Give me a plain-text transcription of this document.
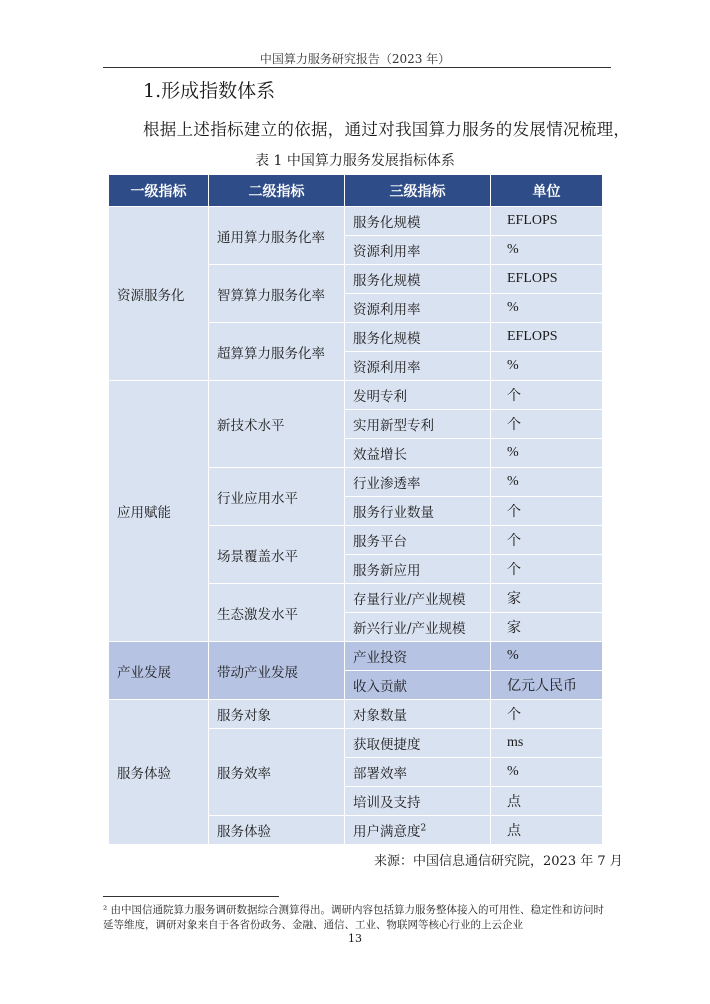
中国算力服务研究报告（2023 年）
1.形成指数体系
根据上述指标建立的依据，通过对我国算力服务的发展情况梳理，
表 1 中国算力服务发展指标体系
一级指标	二级指标	三级指标	单位
资源服务化	通用算力服务化率	服务化规模	EFLOPS
		资源利用率	%
	智算算力服务化率	服务化规模	EFLOPS
		资源利用率	%
	超算算力服务化率	服务化规模	EFLOPS
		资源利用率	%
应用赋能	新技术水平	发明专利	个
		实用新型专利	个
		效益增长	%
	行业应用水平	行业渗透率	%
		服务行业数量	个
	场景覆盖水平	服务平台	个
		服务新应用	个
	生态激发水平	存量行业/产业规模	家
		新兴行业/产业规模	家
产业发展	带动产业发展	产业投资	%
		收入贡献	亿元人民币
服务体验	服务对象	对象数量	个
	服务效率	获取便捷度	ms
		部署效率	%
		培训及支持	点
	服务体验	用户满意度$^2$	点
来源：中国信息通信研究院，2023 年 7 月
² 由中国信通院算力服务调研数据综合测算得出。调研内容包括算力服务整体接入的可用性、稳定性和访问时延等维度，调研对象来自于各省份政务、金融、通信、工业、物联网等核心行业的上云企业
13
